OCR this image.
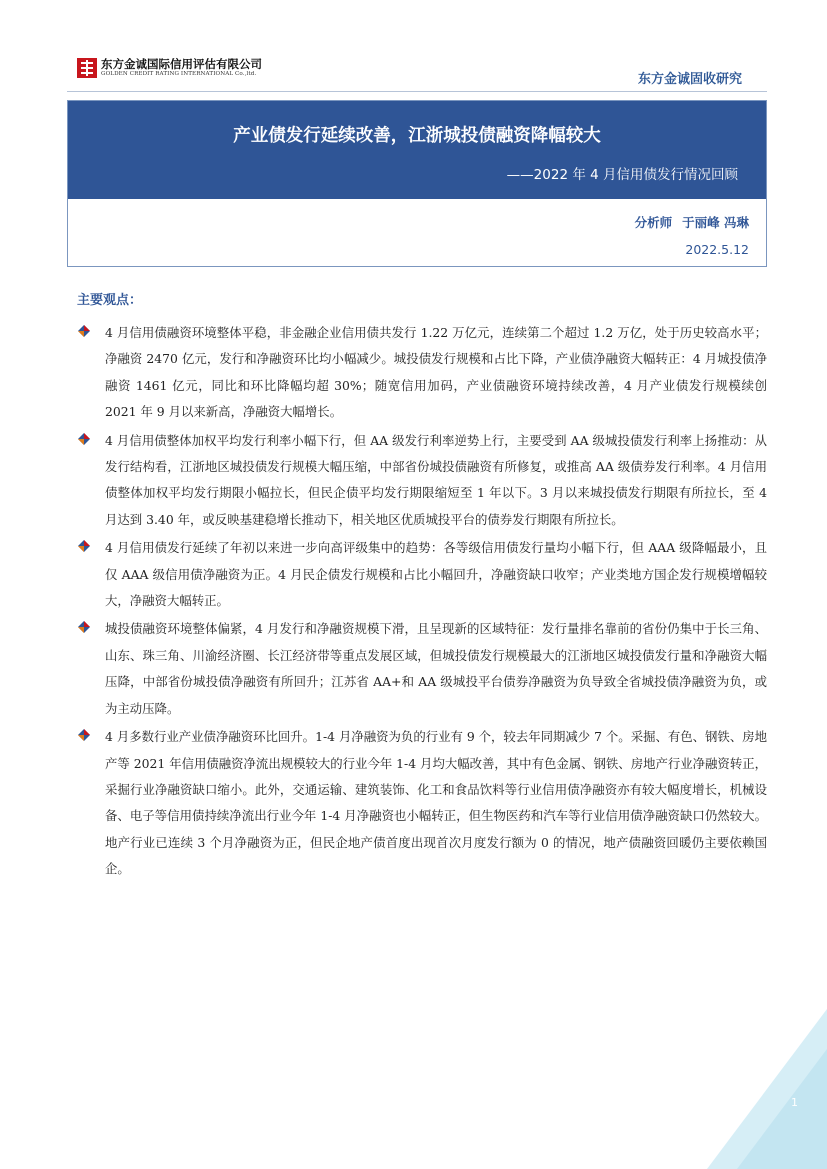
东方金诚国际信用评估有限公司
GOLDEN CREDIT RATING INTERNATIONAL Co.,ltd.	东方金诚固收研究
产业债发行延续改善，江浙城投债融资降幅较大
——2022 年 4 月信用债发行情况回顾
分析师 于丽峰 冯琳
2022.5.12
主要观点：
4 月信用债融资环境整体平稳，非金融企业信用债共发行 1.22 万亿元，连续第二个超过 1.2 万亿，处于历史较高水平；净融资 2470 亿元，发行和净融资环比均小幅减少。城投债发行规模和占比下降，产业债净融资大幅转正：4 月城投债净融资 1461 亿元，同比和环比降幅均超 30%；随宽信用加码，产业债融资环境持续改善，4 月产业债发行规模续创 2021 年 9 月以来新高，净融资大幅增长。
4 月信用债整体加权平均发行利率小幅下行，但 AA 级发行利率逆势上行，主要受到 AA 级城投债发行利率上扬推动：从发行结构看，江浙地区城投债发行规模大幅压缩，中部省份城投债融资有所修复，或推高 AA 级债券发行利率。4 月信用债整体加权平均发行期限小幅拉长，但民企债平均发行期限缩短至 1 年以下。3 月以来城投债发行期限有所拉长，至 4 月达到 3.40 年，或反映基建稳增长推动下，相关地区优质城投平台的债券发行期限有所拉长。
4 月信用债发行延续了年初以来进一步向高评级集中的趋势：各等级信用债发行量均小幅下行，但 AAA 级降幅最小，且仅 AAA 级信用债净融资为正。4 月民企债发行规模和占比小幅回升，净融资缺口收窄；产业类地方国企发行规模增幅较大，净融资大幅转正。
城投债融资环境整体偏紧，4 月发行和净融资规模下滑，且呈现新的区域特征：发行量排名靠前的省份仍集中于长三角、山东、珠三角、川渝经济圈、长江经济带等重点发展区域，但城投债发行规模最大的江浙地区城投债发行量和净融资大幅压降，中部省份城投债净融资有所回升；江苏省 AA+和 AA 级城投平台债券净融资为负导致全省城投债净融资为负，或为主动压降。
4 月多数行业产业债净融资环比回升。1-4 月净融资为负的行业有 9 个，较去年同期减少 7 个。采掘、有色、钢铁、房地产等 2021 年信用债融资净流出规模较大的行业今年 1-4 月均大幅改善，其中有色金属、钢铁、房地产行业净融资转正，采掘行业净融资缺口缩小。此外，交通运输、建筑装饰、化工和食品饮料等行业信用债净融资亦有较大幅度增长，机械设备、电子等信用债持续净流出行业今年 1-4 月净融资也小幅转正，但生物医药和汽车等行业信用债净融资缺口仍然较大。地产行业已连续 3 个月净融资为正，但民企地产债首度出现首次月度发行额为 0 的情况，地产债融资回暖仍主要依赖国企。
1
